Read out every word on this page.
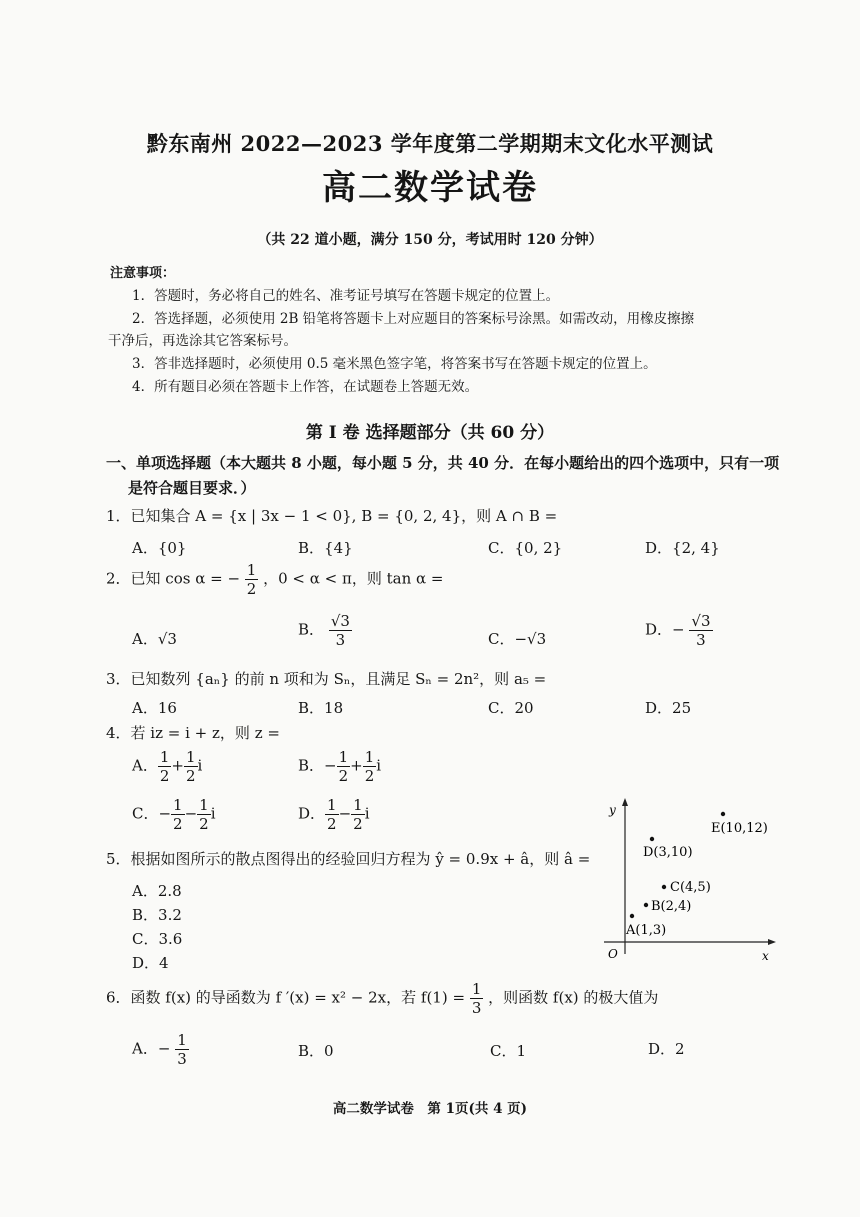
黔东南州 2022—2023 学年度第二学期期末文化水平测试
高二数学试卷
（共 22 道小题，满分 150 分，考试用时 120 分钟）
注意事项：
1．答题时，务必将自己的姓名、准考证号填写在答题卡规定的位置上。
2．答选择题，必须使用 2B 铅笔将答题卡上对应题目的答案标号涂黑。如需改动，用橡皮擦擦
干净后，再选涂其它答案标号。
3．答非选择题时，必须使用 0.5 毫米黑色签字笔，将答案书写在答题卡规定的位置上。
4．所有题目必须在答题卡上作答，在试题卷上答题无效。
第 Ⅰ 卷 选择题部分（共 60 分）
一、单项选择题（本大题共 8 小题，每小题 5 分，共 40 分．在每小题给出的四个选项中，只有一项
是符合题目要求．）
1．已知集合 A = {x | 3x − 1 < 0}, B = {0, 2, 4}，则 A ∩ B =
A．{0}	B．{4}	C．{0, 2}	D．{2, 4}
2．已知 cos α = − $\frac{1}{2}$ ，0 < α < π，则 tan α =
A．√3
B． $\frac{√3}{3}$	C．−√3
D．− $\frac{√3}{3}$
3．已知数列 {aₙ} 的前 n 项和为 Sₙ，且满足 Sₙ = 2n²，则 a₅ =
A．16	B．18	C．20	D．25
4．若 iz = i + z，则 z =
A． $\frac{1}{2} + \frac{1}{2}$ i	B．− $\frac{1}{2} + \frac{1}{2}$ i
C．− $\frac{1}{2} - \frac{1}{2}$ i	D． $\frac{1}{2} - \frac{1}{2}$ i
5．根据如图所示的散点图得出的经验回归方程为 ŷ = 0.9x + â，则 â =
A．2.8
B．3.2
C．3.6
D．4
y
x
O
A(1,3)
B(2,4)
C(4,5)
D(3,10)
E(10,12)
6．函数 f(x) 的导函数为 f ′(x) = x² − 2x，若 $f(1) = \frac{1}{3}$ ，则函数 f(x) 的极大值为
A．− $\frac{1}{3}$	B．0	C．1	D．2
高二数学试卷　第 1页(共 4 页)
